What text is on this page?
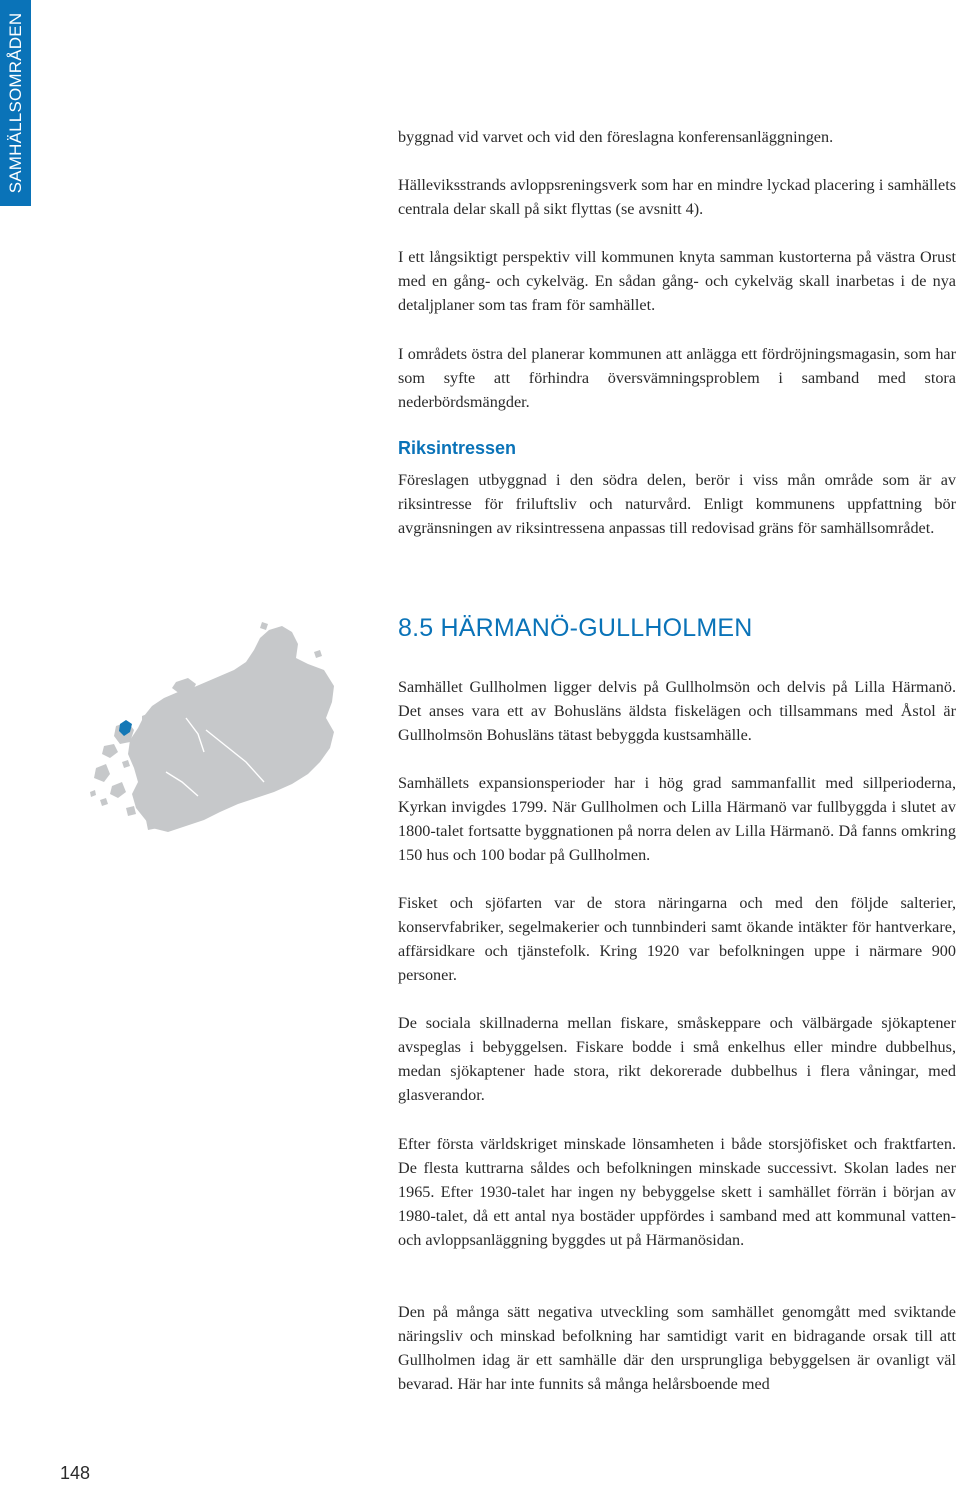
SAMHÄLLSOMRÅDEN	byggnad vid varvet och vid den föreslagna konferensanläggningen.

Hälleviksstrands avloppsreningsverk som har en mindre lyckad placering i samhällets centrala delar skall på sikt flyttas (se avsnitt 4).

I ett långsiktigt perspektiv vill kommunen knyta samman kustorterna på västra Orust med en gång- och cykelväg. En sådan gång- och cykelväg skall inarbetas i de nya detaljplaner som tas fram för samhället.

I områdets östra del planerar kommunen att anlägga ett fördröjningsmagasin, som har som syfte att förhindra översvämningsproblem i samband med stora nederbördsmängder.

Riksintressen

Föreslagen utbyggnad i den södra delen, berör i viss mån område som är av riksintresse för friluftsliv och naturvård. Enligt kommunens uppfattning bör avgränsningen av riksintressena anpassas till redovisad gräns för samhällsområdet.

8.5 HÄRMANÖ-GULLHOLMEN

Samhället Gullholmen ligger delvis på Gullholmsön och delvis på Lilla Härmanö. Det anses vara ett av Bohusläns äldsta fiskelägen och tillsammans med Åstol är Gullholmsön Bohusläns tätast bebyggda kustsamhälle.

Samhällets expansionsperioder har i hög grad sammanfallit med sillperioderna, Kyrkan invigdes 1799. När Gullholmen och Lilla Härmanö var fullbyggda i slutet av 1800-talet fortsatte byggnationen på norra delen av Lilla Härmanö. Då fanns omkring 150 hus och 100 bodar på Gullholmen.

Fisket och sjöfarten var de stora näringarna och med den följde salterier, konservfabriker, segelmakerier och tunnbinderi samt ökande intäkter för hantverkare, affärsidkare och tjänstefolk. Kring 1920 var befolkningen uppe i närmare 900 personer.

De sociala skillnaderna mellan fiskare, småskeppare och välbärgade sjökaptener avspeglas i bebyggelsen. Fiskare bodde i små enkelhus eller mindre dubbelhus, medan sjökaptener hade stora, rikt dekorerade dubbelhus i flera våningar, med glasverandor.

Efter första världskriget minskade lönsamheten i både storsjöfisket och fraktfarten. De flesta kuttrarna såldes och befolkningen minskade successivt. Skolan lades ner 1965. Efter 1930-talet har ingen ny bebyggelse skett i samhället förrän i början av 1980-talet, då ett antal nya bostäder uppfördes i samband med att kommunal vatten- och avloppsanläggning byggdes ut på Härmanösidan.

Den på många sätt negativa utveckling som samhället genomgått med sviktande näringsliv och minskad befolkning har samtidigt varit en bidragande orsak till att Gullholmen idag är ett samhälle där den ursprungliga bebyggelsen är ovanligt väl bevarad. Här har inte funnits så många helårsboende med

148
